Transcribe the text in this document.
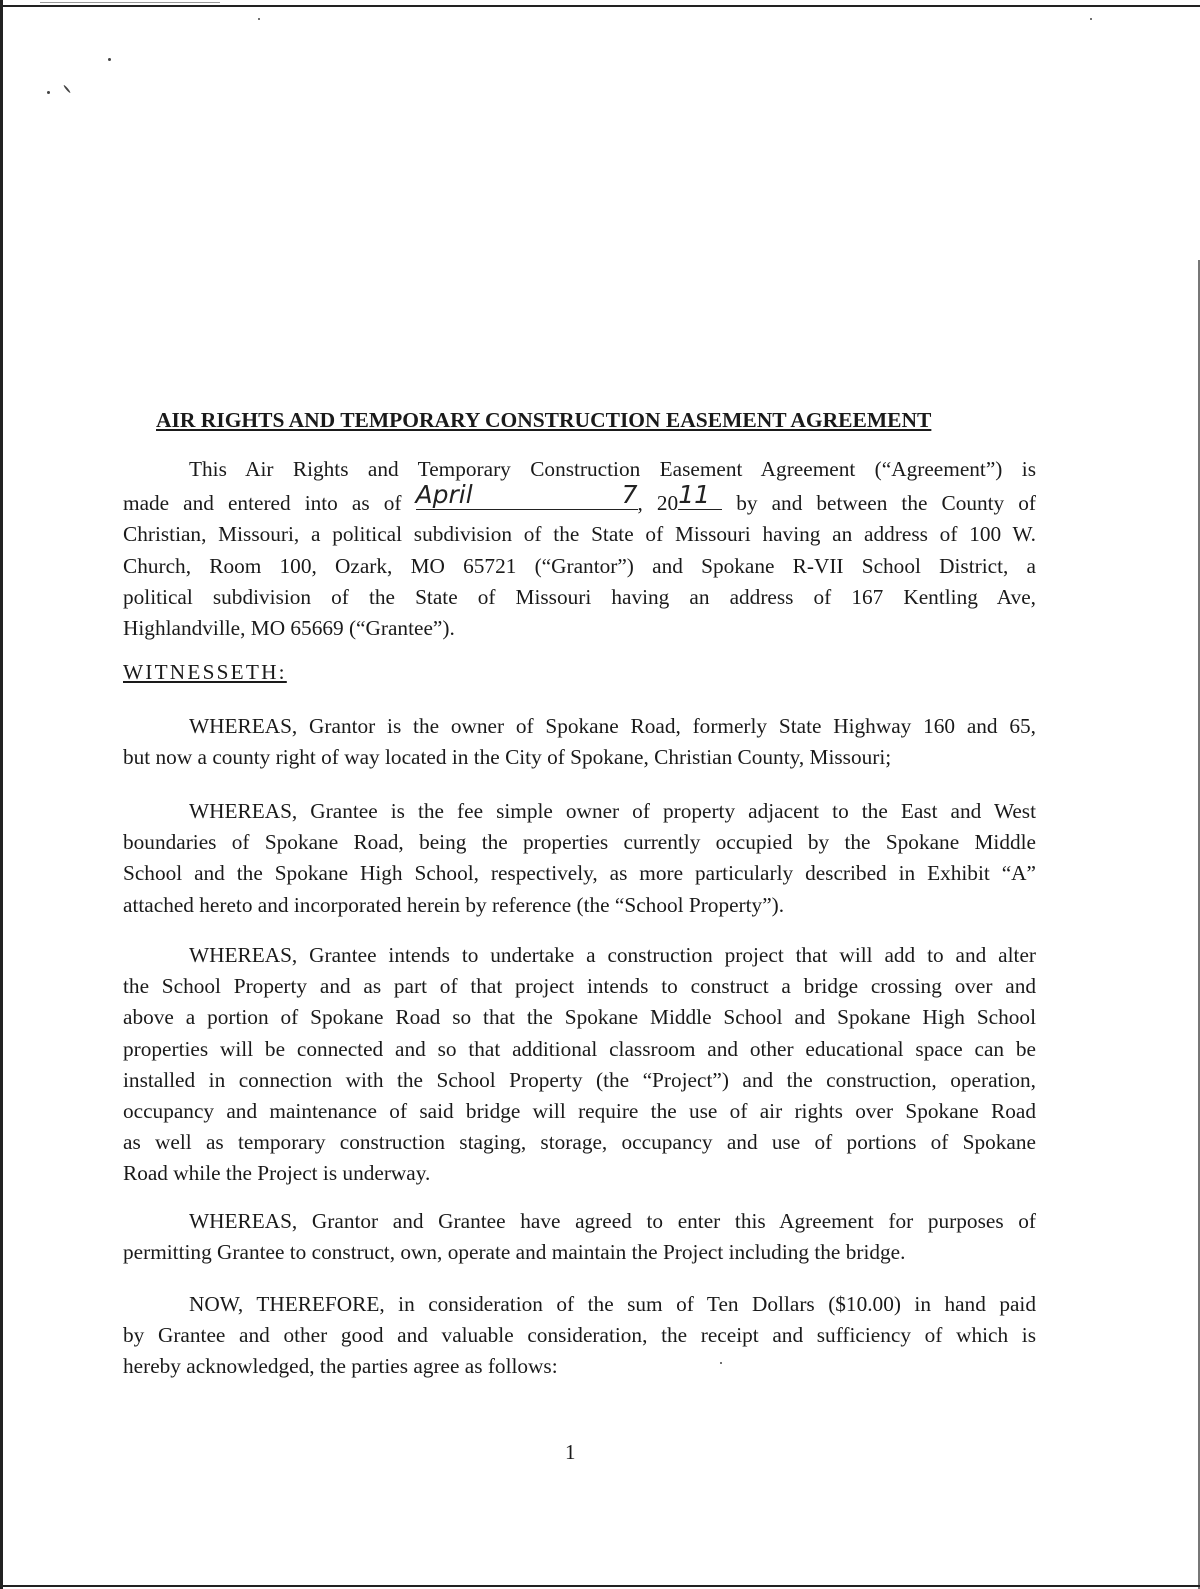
AIR RIGHTS AND TEMPORARY CONSTRUCTION EASEMENT AGREEMENT
This Air Rights and Temporary Construction Easement Agreement (“Agreement”) is
made and entered into as of April 7 , 20 11	by and between the County of
Christian, Missouri, a political subdivision of the State of Missouri having an address of 100 W.
Church, Room 100, Ozark, MO 65721 (“Grantor”) and Spokane R-VII School District, a
political subdivision of the State of Missouri having an address of 167 Kentling Ave,
Highlandville, MO 65669 (“Grantee”).
WITNESSETH:
WHEREAS, Grantor is the owner of Spokane Road, formerly State Highway 160 and 65,
but now a county right of way located in the City of Spokane, Christian County, Missouri;
WHEREAS, Grantee is the fee simple owner of property adjacent to the East and West
boundaries of Spokane Road, being the properties currently occupied by the Spokane Middle
School and the Spokane High School, respectively, as more particularly described in Exhibit “A”
attached hereto and incorporated herein by reference (the “School Property”).
WHEREAS, Grantee intends to undertake a construction project that will add to and alter
the School Property and as part of that project intends to construct a bridge crossing over and
above a portion of Spokane Road so that the Spokane Middle School and Spokane High School
properties will be connected and so that additional classroom and other educational space can be
installed in connection with the School Property (the “Project”) and the construction, operation,
occupancy and maintenance of said bridge will require the use of air rights over Spokane Road
as well as temporary construction staging, storage, occupancy and use of portions of Spokane
Road while the Project is underway.
WHEREAS, Grantor and Grantee have agreed to enter this Agreement for purposes of
permitting Grantee to construct, own, operate and maintain the Project including the bridge.
NOW, THEREFORE, in consideration of the sum of Ten Dollars ($10.00) in hand paid
by Grantee and other good and valuable consideration, the receipt and sufficiency of which is
hereby acknowledged, the parties agree as follows:
1
